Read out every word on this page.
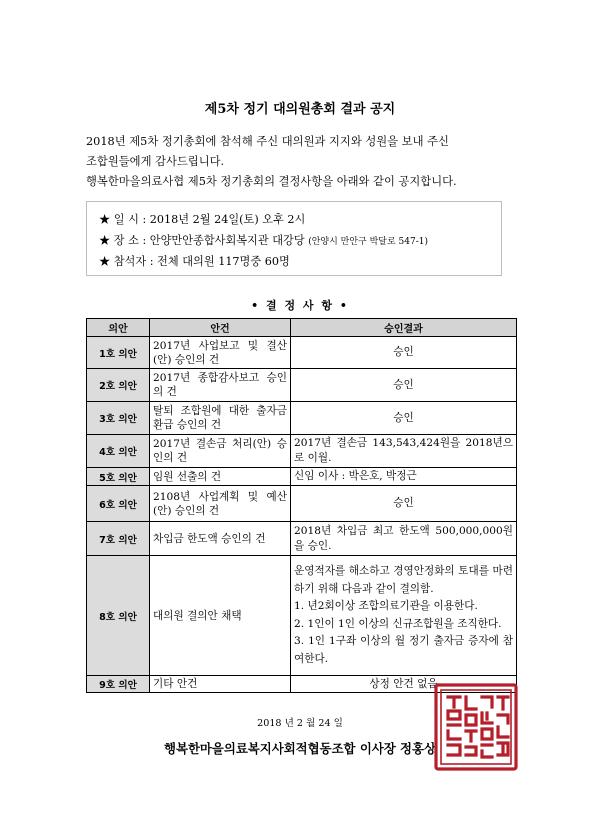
제5차 정기 대의원총회 결과 공지
2018년 제5차 정기총회에 참석해 주신 대의원과 지지와 성원을 보내 주신
조합원들에게 감사드립니다.
행복한마을의료사협 제5차 정기총회의 결정사항을 아래와 같이 공지합니다.
★ 일 시 : 2018년 2월 24일(토) 오후 2시
★ 장 소 : 안양만안종합사회복지관 대강당 (안양시 만안구 박달로 547-1)
★ 참석자 : 전체 대의원 117명중 60명
• 결 정 사 항 •
의안	안건	승인결과
1호 의안	2017년 사업보고 및 결산(안) 승인의 건	승인
2호 의안	2017년 종합감사보고 승인의 건	승인
3호 의안	탈퇴 조합원에 대한 출자금 환급 승인의 건	승인
4호 의안	2017년 결손금 처리(안) 승인의 건	2017년 결손금 143,543,424원을 2018년으로 이월.
5호 의안	임원 선출의 건	신임 이사 : 박은호, 박정근
6호 의안	2108년 사업계획 및 예산(안) 승인의 건	승인
7호 의안	차입금 한도액 승인의 건	2018년 차입금 최고 한도액 500,000,000원을 승인.
8호 의안	대의원 결의안 채택	운영적자를 해소하고 경영안정화의 토대를 마련하기 위해 다음과 같이 결의함.
1. 년2회이상 조합의료기관을 이용한다.
2. 1인이 1인 이상의 신규조합원을 조직한다.
3. 1인 1구좌 이상의 월 정기 출자금 증자에 참여한다.

9호 의안	기타 안건	상정 안건 없음
2018 년 2 월 24 일
행복한마을의료복지사회적협동조합 이사장 정홍상
